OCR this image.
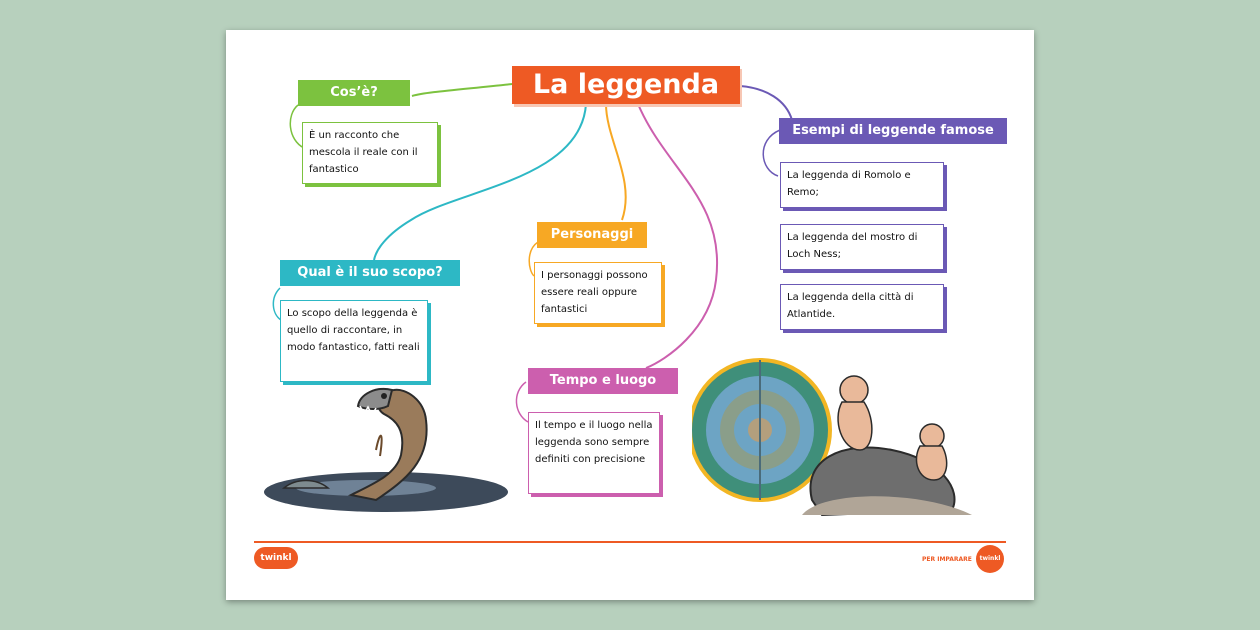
La leggenda
Cos’è?
È un racconto che mescola il reale con il fantastico
Qual è il suo scopo?
Lo scopo della leggenda è quello di raccontare, in modo fantastico, fatti reali
Personaggi
I personaggi possono essere reali oppure fantastici
Tempo e luogo
Il tempo e il luogo nella leggenda sono sempre definiti con precisione
Esempi di leggende famose
La leggenda di Romolo e Remo;
La leggenda del mostro di Loch Ness;
La leggenda della città di Atlantide.
twinkl	PER IMPARARE	twinkl
